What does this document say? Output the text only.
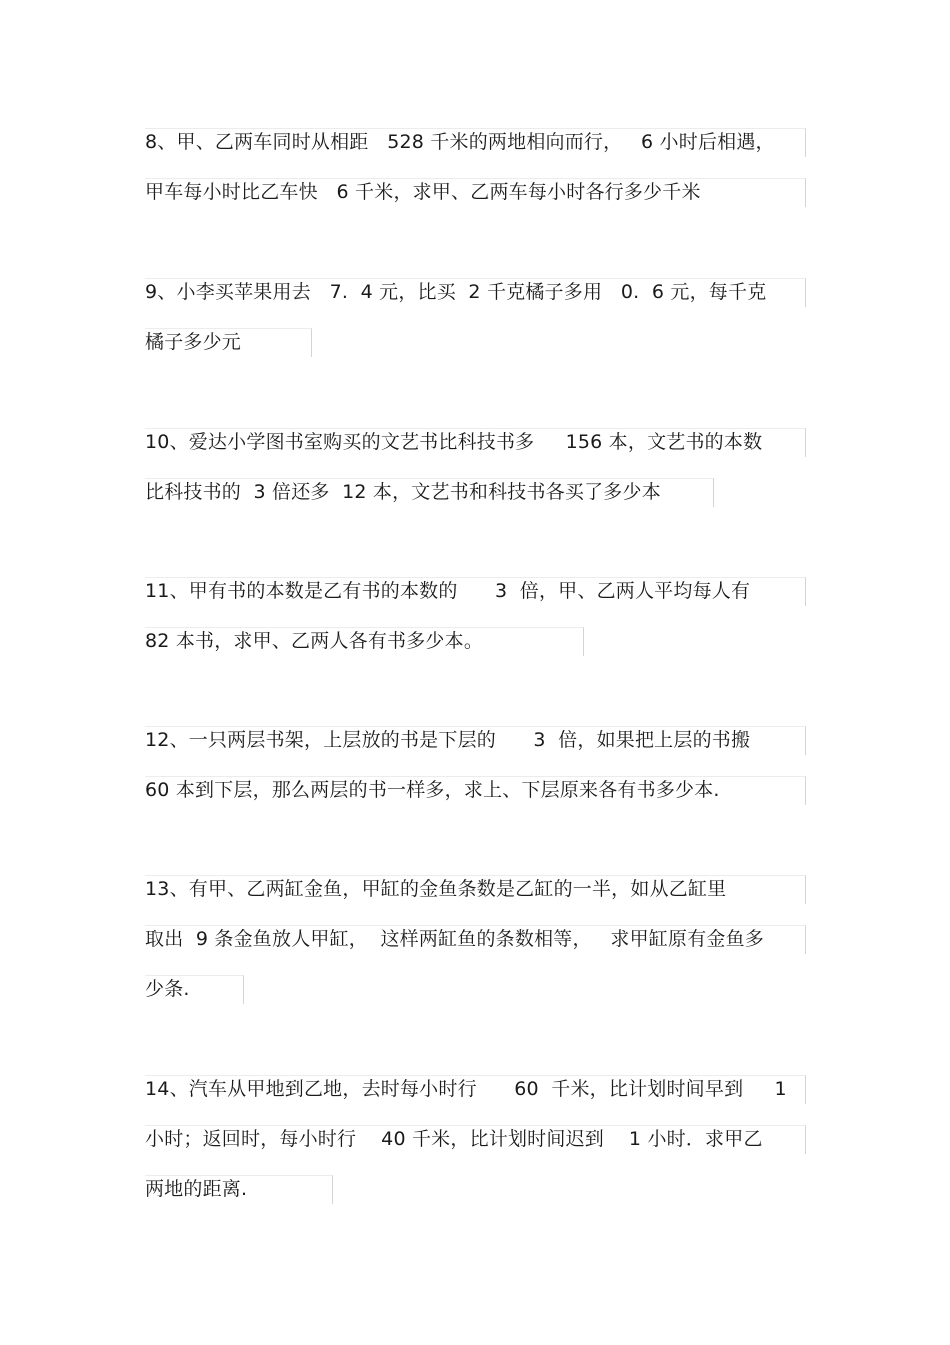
8、甲、乙两车同时从相距   528 千米的两地相向而行，   6 小时后相遇，
甲车每小时比乙车快   6 千米，求甲、乙两车每小时各行多少千米
9、小李买苹果用去   7.  4 元，比买  2 千克橘子多用   0.  6 元，每千克
橘子多少元
10、爱达小学图书室购买的文艺书比科技书多     156 本，文艺书的本数
比科技书的  3 倍还多  12 本，文艺书和科技书各买了多少本
11、甲有书的本数是乙有书的本数的      3  倍，甲、乙两人平均每人有
82 本书，求甲、乙两人各有书多少本。
12、一只两层书架，上层放的书是下层的      3  倍，如果把上层的书搬
60 本到下层，那么两层的书一样多，求上、下层原来各有书多少本.
13、有甲、乙两缸金鱼，甲缸的金鱼条数是乙缸的一半，如从乙缸里
取出  9 条金鱼放人甲缸，  这样两缸鱼的条数相等，   求甲缸原有金鱼多
少条.
14、汽车从甲地到乙地，去时每小时行      60  千米，比计划时间早到     1
小时；返回时，每小时行    40 千米，比计划时间迟到    1 小时．求甲乙
两地的距离.
